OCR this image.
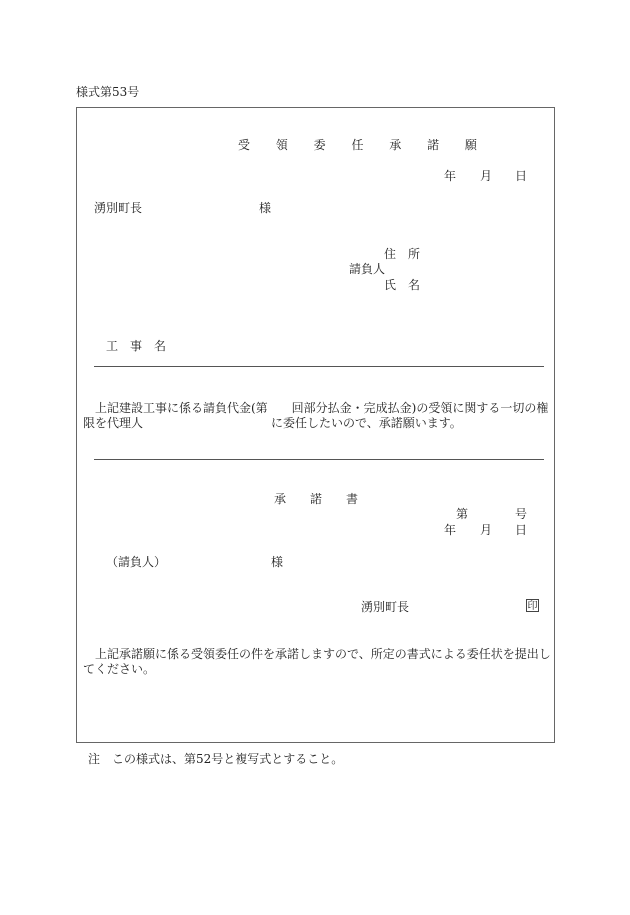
様式第53号
受 領 委 任 承 諾 願
年 月 日
湧別町長	様
住　所
請負人
氏　名
工　事　名
上記建設工事に係る請負代金(第　　回部分払金・完成払金)の受領に関する一切の権
限を代理人	に委任したいので、承諾願います。
承　　諾　　書
第	号
年 月 日
（請負人）	様
湧別町長	印
上記承諾願に係る受領委任の件を承諾しますので、所定の書式による委任状を提出し
てください。
注　この様式は、第52号と複写式とすること。
